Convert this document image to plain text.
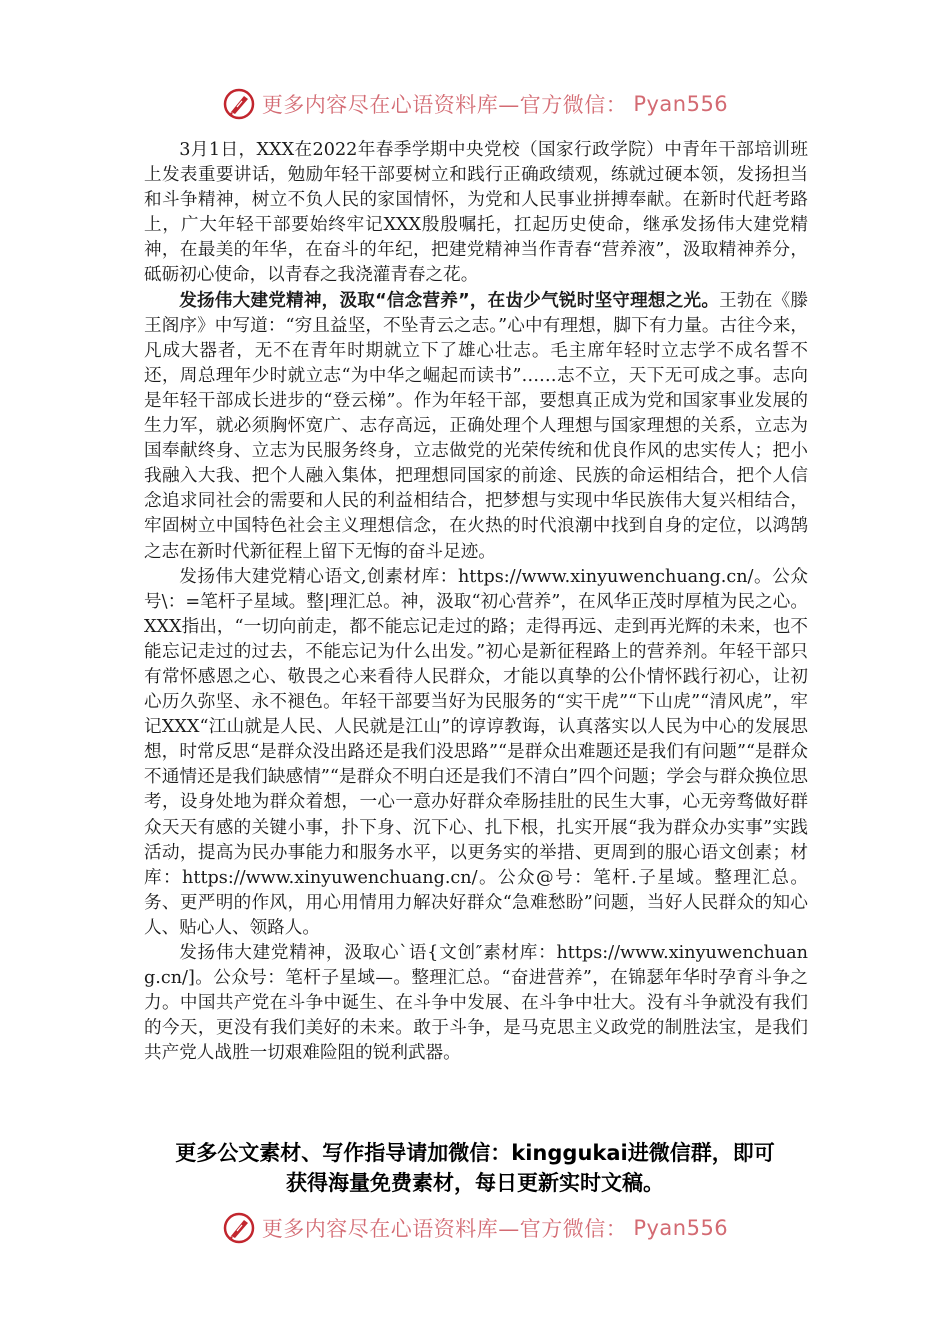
更多内容尽在心语资料库—官方微信： Pyan556

3月1日，XXX在2022年春季学期中央党校（国家行政学院）中青年干部培训班上发表重要讲话，勉励年轻干部要树立和践行正确政绩观，练就过硬本领，发扬担当和斗争精神，树立不负人民的家国情怀，为党和人民事业拼搏奉献。在新时代赶考路上，广大年轻干部要始终牢记XXX殷殷嘱托，扛起历史使命，继承发扬伟大建党精神，在最美的年华，在奋斗的年纪，把建党精神当作青春“营养液”，汲取精神养分，砥砺初心使命，以青春之我浇灌青春之花。

发扬伟大建党精神，汲取“信念营养”，在齿少气锐时坚守理想之光。王勃在《滕王阁序》中写道：“穷且益坚，不坠青云之志。”心中有理想，脚下有力量。古往今来，凡成大器者，无不在青年时期就立下了雄心壮志。毛主席年轻时立志学不成名誓不还，周总理年少时就立志“为中华之崛起而读书”……志不立，天下无可成之事。志向是年轻干部成长进步的“登云梯”。作为年轻干部，要想真正成为党和国家事业发展的生力军，就必须胸怀宽广、志存高远，正确处理个人理想与国家理想的关系，立志为国奉献终身、立志为民服务终身，立志做党的光荣传统和优良作风的忠实传人；把小我融入大我、把个人融入集体，把理想同国家的前途、民族的命运相结合，把个人信念追求同社会的需要和人民的利益相结合，把梦想与实现中华民族伟大复兴相结合，牢固树立中国特色社会主义理想信念，在火热的时代浪潮中找到自身的定位，以鸿鹄之志在新时代新征程上留下无悔的奋斗足迹。

发扬伟大建党精心语文,创素材库：https://www.xinyuwenchuang.cn/。公众号\：=笔杆子星域。整|理汇总。神，汲取“初心营养”，在风华正茂时厚植为民之心。XXX指出，“一切向前走，都不能忘记走过的路；走得再远、走到再光辉的未来，也不能忘记走过的过去，不能忘记为什么出发。”初心是新征程路上的营养剂。年轻干部只有常怀感恩之心、敬畏之心来看待人民群众，才能以真挚的公仆情怀践行初心，让初心历久弥坚、永不褪色。年轻干部要当好为民服务的“实干虎”“下山虎”“清风虎”，牢记XXX“江山就是人民、人民就是江山”的谆谆教诲，认真落实以人民为中心的发展思想，时常反思“是群众没出路还是我们没思路”“是群众出难题还是我们有问题”“是群众不通情还是我们缺感情”“是群众不明白还是我们不清白”四个问题；学会与群众换位思考，设身处地为群众着想，一心一意办好群众牵肠挂肚的民生大事，心无旁骛做好群众天天有感的关键小事，扑下身、沉下心、扎下根，扎实开展“我为群众办实事”实践活动，提高为民办事能力和服务水平，以更务实的举措、更周到的服心语文创素；材库：https://www.xinyuwenchuang.cn/。公众@号：笔杆.子星域。整理汇总。务、更严明的作风，用心用情用力解决好群众“急难愁盼”问题，当好人民群众的知心人、贴心人、领路人。

发扬伟大建党精神，汲取心`语{文创″素材库：https://www.xinyuwenchuang.cn/]。公众号：笔杆子星域—。整理汇总。“奋进营养”，在锦瑟年华时孕育斗争之力。中国共产党在斗争中诞生、在斗争中发展、在斗争中壮大。没有斗争就没有我们的今天，更没有我们美好的未来。敢于斗争，是马克思主义政党的制胜法宝，是我们共产党人战胜一切艰难险阻的锐利武器。

更多公文素材、写作指导请加微信：kinggukai进微信群，即可
获得海量免费素材，每日更新实时文稿。
更多内容尽在心语资料库—官方微信： Pyan556
